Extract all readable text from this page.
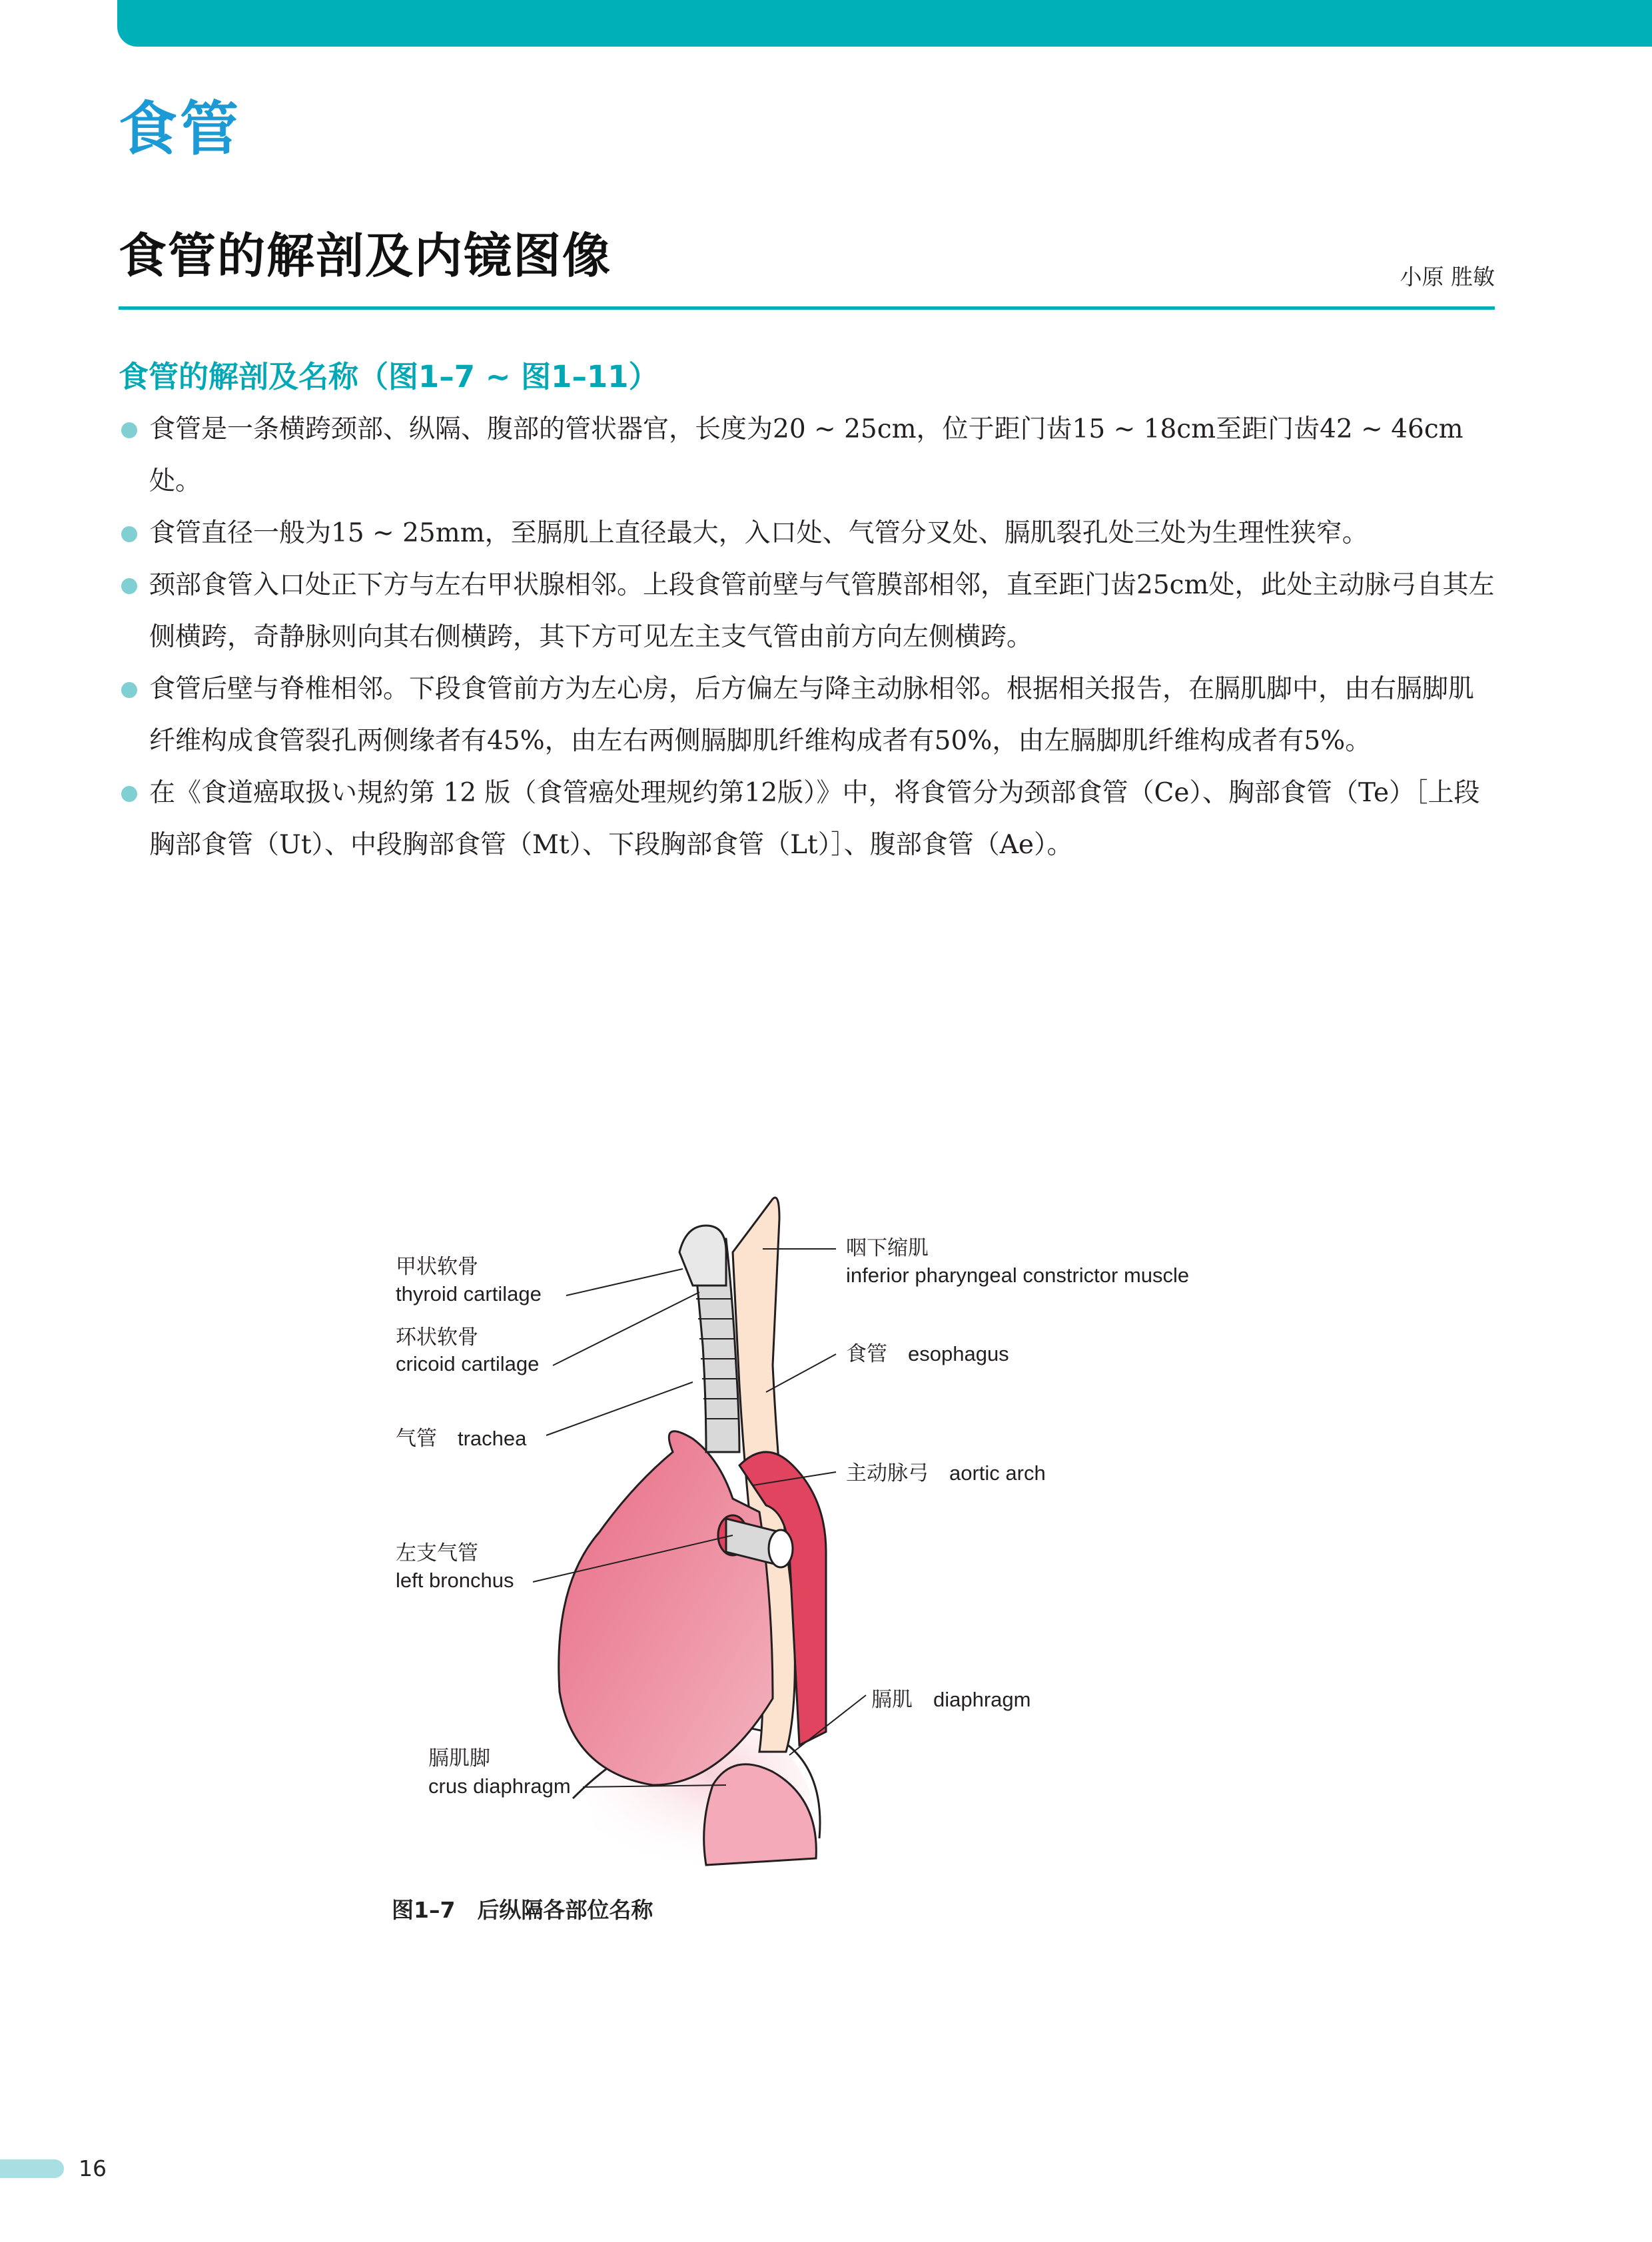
食管
食管的解剖及内镜图像	小原 胜敏
食管的解剖及名称（图1–7 ~ 图1–11）
食管是一条横跨颈部、纵隔、腹部的管状器官，长度为20 ~ 25cm，位于距门齿15 ~ 18cm至距门齿42 ~ 46cm处。
食管直径一般为15 ~ 25mm，至膈肌上直径最大，入口处、气管分叉处、膈肌裂孔处三处为生理性狭窄。
颈部食管入口处正下方与左右甲状腺相邻。上段食管前壁与气管膜部相邻，直至距门齿25cm处，此处主动脉弓自其左侧横跨，奇静脉则向其右侧横跨，其下方可见左主支气管由前方向左侧横跨。
食管后壁与脊椎相邻。下段食管前方为左心房，后方偏左与降主动脉相邻。根据相关报告，在膈肌脚中，由右膈脚肌纤维构成食管裂孔两侧缘者有45%，由左右两侧膈脚肌纤维构成者有50%，由左膈脚肌纤维构成者有5%。
在《食道癌取扱い規約第 12 版（食管癌处理规约第12版）》中，将食管分为颈部食管（Ce）、胸部食管（Te）［上段胸部食管（Ut）、中段胸部食管（Mt）、下段胸部食管（Lt）］、腹部食管（Ae）。
甲状软骨
thyroid cartilage
环状软骨
cricoid cartilage
气管　trachea
左支气管
left bronchus
膈肌脚
crus diaphragm
咽下缩肌
inferior pharyngeal constrictor muscle
食管　esophagus
主动脉弓　aortic arch
膈肌　diaphragm
图1–7　后纵隔各部位名称
16
